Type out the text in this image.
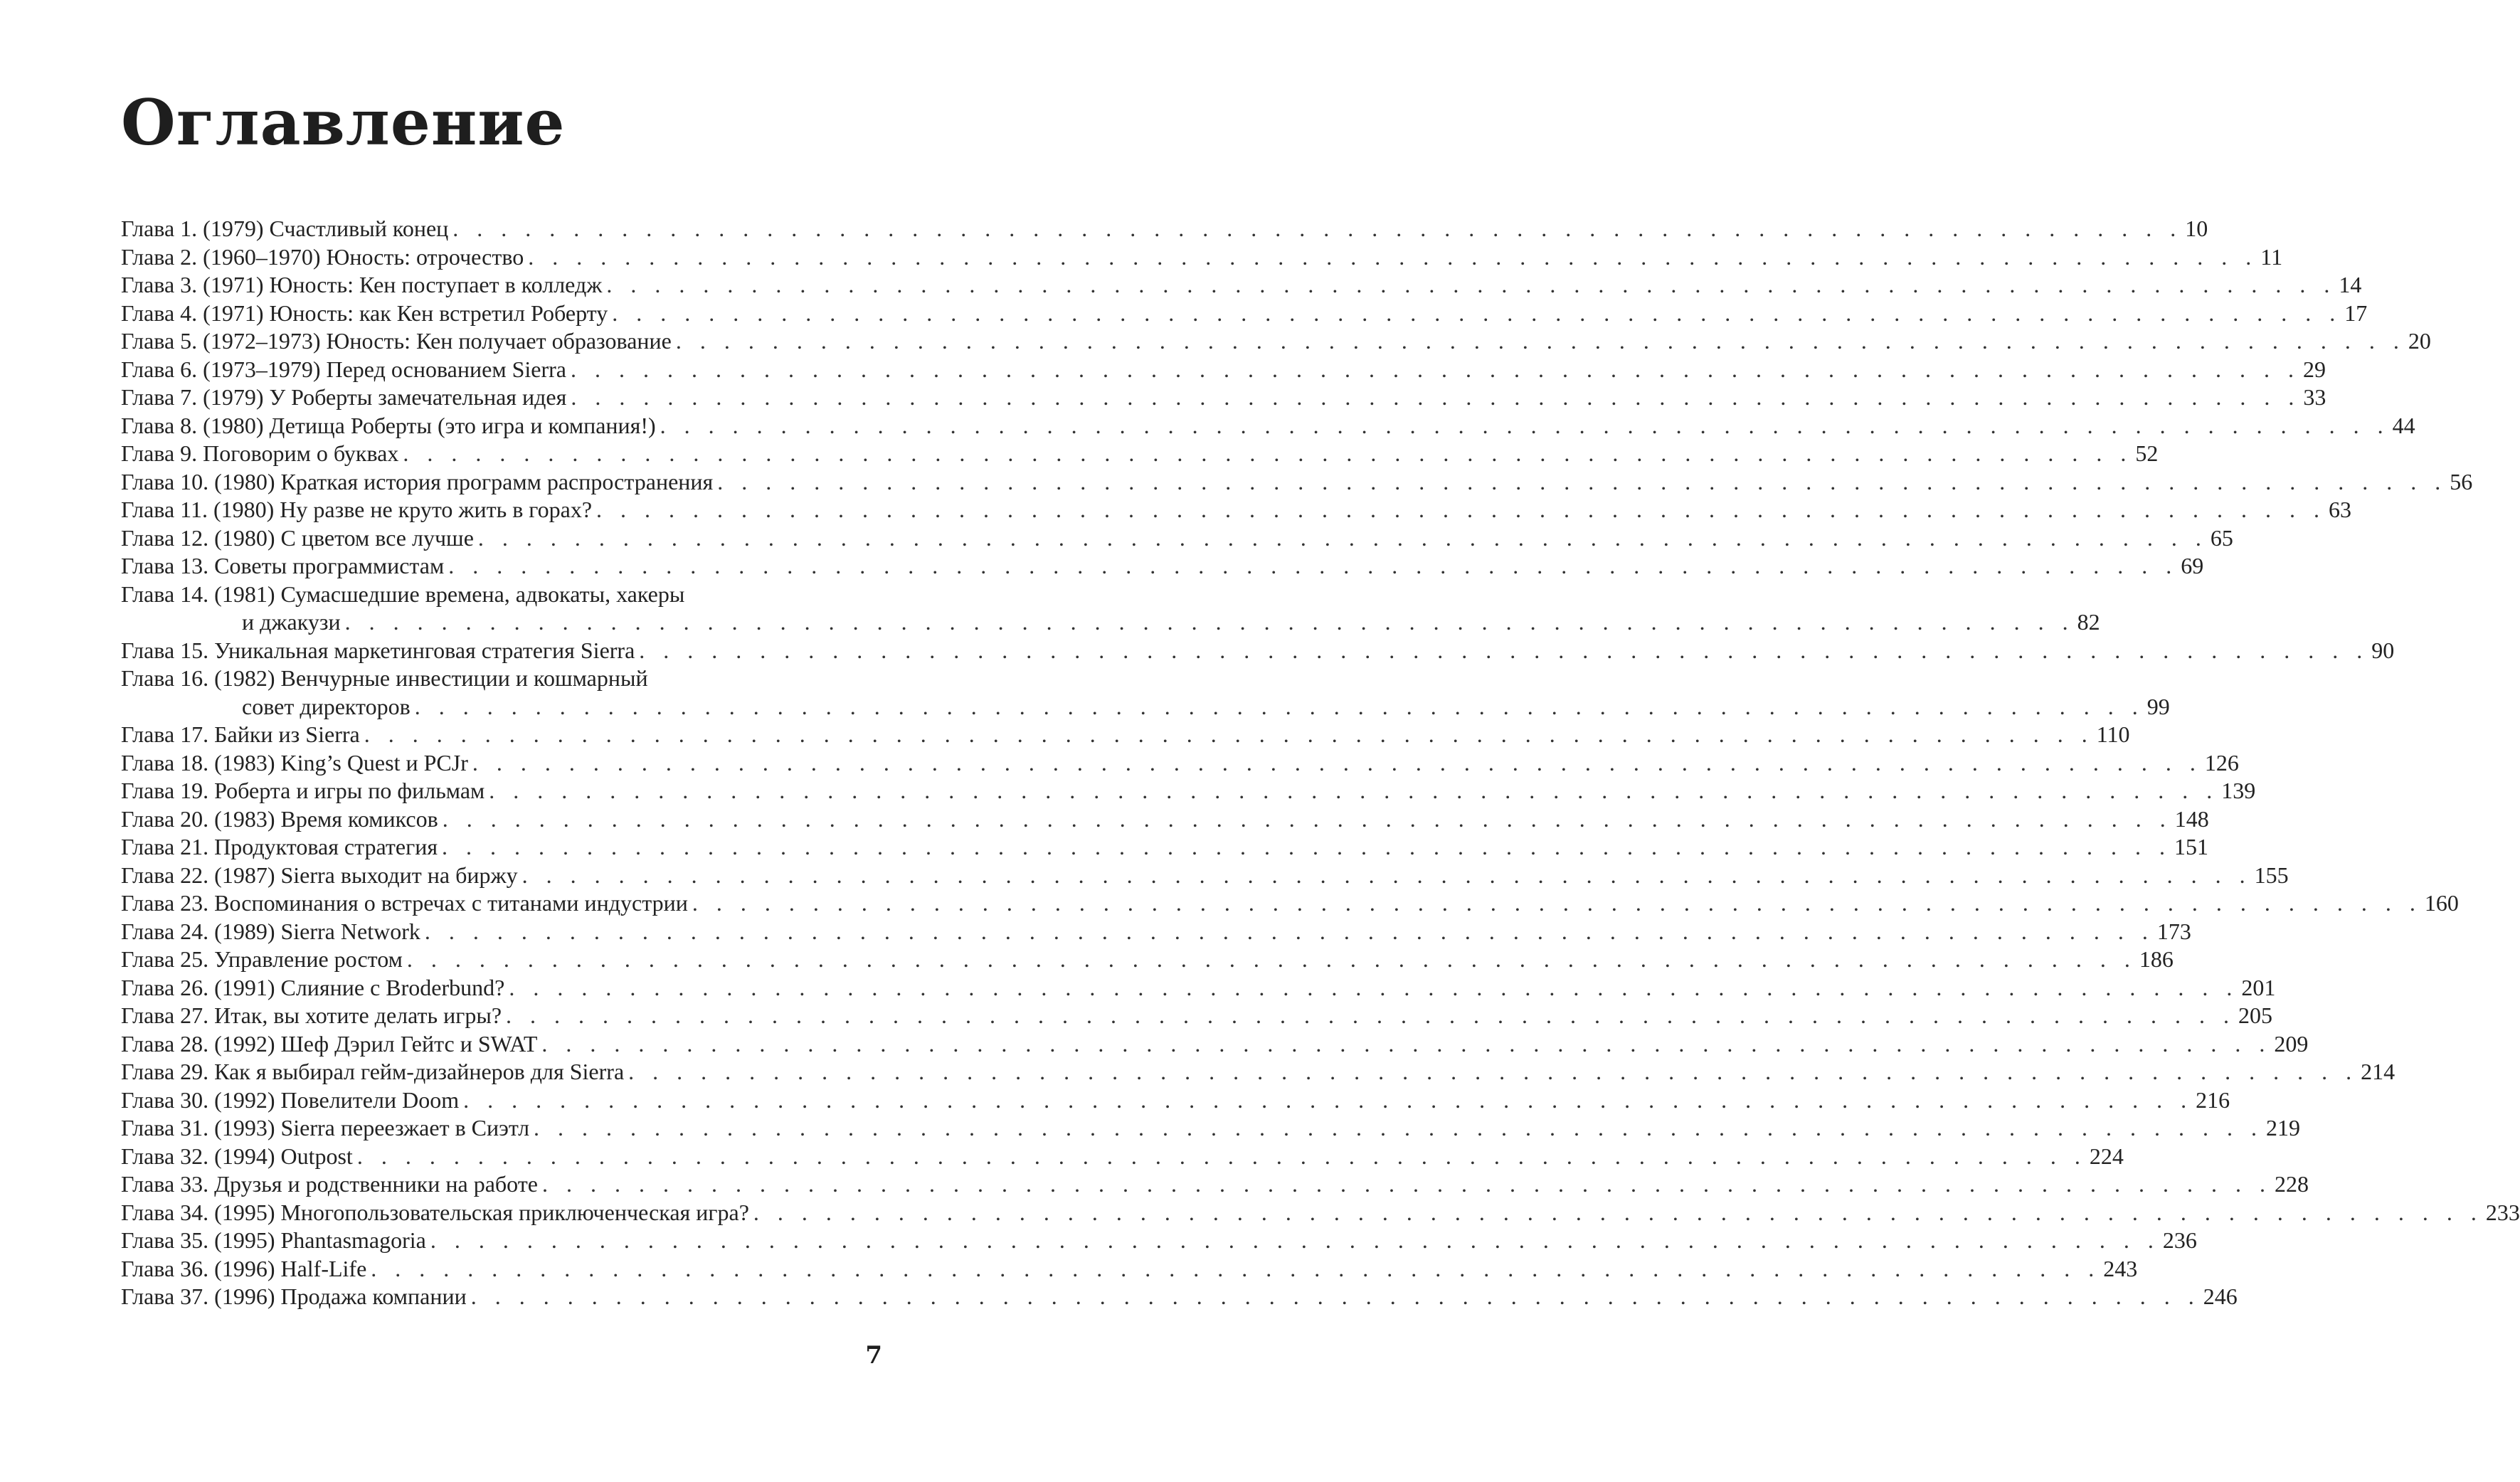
Оглавление
Глава 1. (1979) Счастливый конец . . . . . . . . . . . . . . . . . . . . . . . . . . . . . . . . . . . . . . . . . . . . . . . . . . . . . . . . . . . . . . . . . . . . . . . . 10
Глава 2. (1960–1970) Юность: отрочество . . . . . . . . . . . . . . . . . . . . . . . . . . . . . . . . . . . . . . . . . . . . . . . . . . . . . . . . . . . . . . . . . . . . . . . . 11
Глава 3. (1971) Юность: Кен поступает в колледж . . . . . . . . . . . . . . . . . . . . . . . . . . . . . . . . . . . . . . . . . . . . . . . . . . . . . . . . . . . . . . . . . . . . . . . . 14
Глава 4. (1971) Юность: как Кен встретил Роберту . . . . . . . . . . . . . . . . . . . . . . . . . . . . . . . . . . . . . . . . . . . . . . . . . . . . . . . . . . . . . . . . . . . . . . . . 17
Глава 5. (1972–1973) Юность: Кен получает образование . . . . . . . . . . . . . . . . . . . . . . . . . . . . . . . . . . . . . . . . . . . . . . . . . . . . . . . . . . . . . . . . . . . . . . . . 20
Глава 6. (1973–1979) Перед основанием Sierra . . . . . . . . . . . . . . . . . . . . . . . . . . . . . . . . . . . . . . . . . . . . . . . . . . . . . . . . . . . . . . . . . . . . . . . . 29
Глава 7. (1979) У Роберты замечательная идея . . . . . . . . . . . . . . . . . . . . . . . . . . . . . . . . . . . . . . . . . . . . . . . . . . . . . . . . . . . . . . . . . . . . . . . . 33
Глава 8. (1980) Детища Роберты (это игра и компания!) . . . . . . . . . . . . . . . . . . . . . . . . . . . . . . . . . . . . . . . . . . . . . . . . . . . . . . . . . . . . . . . . . . . . . . . . 44
Глава 9. Поговорим о буквах . . . . . . . . . . . . . . . . . . . . . . . . . . . . . . . . . . . . . . . . . . . . . . . . . . . . . . . . . . . . . . . . . . . . . . . . 52
Глава 10. (1980) Краткая история программ распространения . . . . . . . . . . . . . . . . . . . . . . . . . . . . . . . . . . . . . . . . . . . . . . . . . . . . . . . . . . . . . . . . . . . . . . . . 56
Глава 11. (1980) Ну разве не круто жить в горах? . . . . . . . . . . . . . . . . . . . . . . . . . . . . . . . . . . . . . . . . . . . . . . . . . . . . . . . . . . . . . . . . . . . . . . . . 63
Глава 12. (1980) С цветом все лучше . . . . . . . . . . . . . . . . . . . . . . . . . . . . . . . . . . . . . . . . . . . . . . . . . . . . . . . . . . . . . . . . . . . . . . . . 65
Глава 13. Советы программистам . . . . . . . . . . . . . . . . . . . . . . . . . . . . . . . . . . . . . . . . . . . . . . . . . . . . . . . . . . . . . . . . . . . . . . . . 69
Глава 14. (1981) Сумасшедшие времена, адвокаты, хакеры
и джакузи . . . . . . . . . . . . . . . . . . . . . . . . . . . . . . . . . . . . . . . . . . . . . . . . . . . . . . . . . . . . . . . . . . . . . . . . 82
Глава 15. Уникальная маркетинговая стратегия Sierra . . . . . . . . . . . . . . . . . . . . . . . . . . . . . . . . . . . . . . . . . . . . . . . . . . . . . . . . . . . . . . . . . . . . . . . . 90
Глава 16. (1982) Венчурные инвестиции и кошмарный
совет директоров . . . . . . . . . . . . . . . . . . . . . . . . . . . . . . . . . . . . . . . . . . . . . . . . . . . . . . . . . . . . . . . . . . . . . . . . 99
Глава 17. Байки из Sierra . . . . . . . . . . . . . . . . . . . . . . . . . . . . . . . . . . . . . . . . . . . . . . . . . . . . . . . . . . . . . . . . . . . . . . . . 110
Глава 18. (1983) King’s Quest и PCJr . . . . . . . . . . . . . . . . . . . . . . . . . . . . . . . . . . . . . . . . . . . . . . . . . . . . . . . . . . . . . . . . . . . . . . . . 126
Глава 19. Роберта и игры по фильмам . . . . . . . . . . . . . . . . . . . . . . . . . . . . . . . . . . . . . . . . . . . . . . . . . . . . . . . . . . . . . . . . . . . . . . . . 139
Глава 20. (1983) Время комиксов . . . . . . . . . . . . . . . . . . . . . . . . . . . . . . . . . . . . . . . . . . . . . . . . . . . . . . . . . . . . . . . . . . . . . . . . 148
Глава 21. Продуктовая стратегия . . . . . . . . . . . . . . . . . . . . . . . . . . . . . . . . . . . . . . . . . . . . . . . . . . . . . . . . . . . . . . . . . . . . . . . . 151
Глава 22. (1987) Sierra выходит на биржу . . . . . . . . . . . . . . . . . . . . . . . . . . . . . . . . . . . . . . . . . . . . . . . . . . . . . . . . . . . . . . . . . . . . . . . . 155
Глава 23. Воспоминания о встречах с титанами индустрии . . . . . . . . . . . . . . . . . . . . . . . . . . . . . . . . . . . . . . . . . . . . . . . . . . . . . . . . . . . . . . . . . . . . . . . . 160
Глава 24. (1989) Sierra Network . . . . . . . . . . . . . . . . . . . . . . . . . . . . . . . . . . . . . . . . . . . . . . . . . . . . . . . . . . . . . . . . . . . . . . . . 173
Глава 25. Управление ростом . . . . . . . . . . . . . . . . . . . . . . . . . . . . . . . . . . . . . . . . . . . . . . . . . . . . . . . . . . . . . . . . . . . . . . . . 186
Глава 26. (1991) Слияние с Broderbund? . . . . . . . . . . . . . . . . . . . . . . . . . . . . . . . . . . . . . . . . . . . . . . . . . . . . . . . . . . . . . . . . . . . . . . . . 201
Глава 27. Итак, вы хотите делать игры? . . . . . . . . . . . . . . . . . . . . . . . . . . . . . . . . . . . . . . . . . . . . . . . . . . . . . . . . . . . . . . . . . . . . . . . . 205
Глава 28. (1992) Шеф Дэрил Гейтс и SWAT . . . . . . . . . . . . . . . . . . . . . . . . . . . . . . . . . . . . . . . . . . . . . . . . . . . . . . . . . . . . . . . . . . . . . . . . 209
Глава 29. Как я выбирал гейм-дизайнеров для Sierra . . . . . . . . . . . . . . . . . . . . . . . . . . . . . . . . . . . . . . . . . . . . . . . . . . . . . . . . . . . . . . . . . . . . . . . . 214
Глава 30. (1992) Повелители Doom . . . . . . . . . . . . . . . . . . . . . . . . . . . . . . . . . . . . . . . . . . . . . . . . . . . . . . . . . . . . . . . . . . . . . . . . 216
Глава 31. (1993) Sierra переезжает в Сиэтл . . . . . . . . . . . . . . . . . . . . . . . . . . . . . . . . . . . . . . . . . . . . . . . . . . . . . . . . . . . . . . . . . . . . . . . . 219
Глава 32. (1994) Outpost . . . . . . . . . . . . . . . . . . . . . . . . . . . . . . . . . . . . . . . . . . . . . . . . . . . . . . . . . . . . . . . . . . . . . . . . 224
Глава 33. Друзья и родственники на работе . . . . . . . . . . . . . . . . . . . . . . . . . . . . . . . . . . . . . . . . . . . . . . . . . . . . . . . . . . . . . . . . . . . . . . . . 228
Глава 34. (1995) Многопользовательская приключенческая игра? . . . . . . . . . . . . . . . . . . . . . . . . . . . . . . . . . . . . . . . . . . . . . . . . . . . . . . . . . . . . . . . . . . . . . . . . 233
Глава 35. (1995) Phantasmagoria . . . . . . . . . . . . . . . . . . . . . . . . . . . . . . . . . . . . . . . . . . . . . . . . . . . . . . . . . . . . . . . . . . . . . . . . 236
Глава 36. (1996) Half-Life . . . . . . . . . . . . . . . . . . . . . . . . . . . . . . . . . . . . . . . . . . . . . . . . . . . . . . . . . . . . . . . . . . . . . . . . 243
Глава 37. (1996) Продажа компании . . . . . . . . . . . . . . . . . . . . . . . . . . . . . . . . . . . . . . . . . . . . . . . . . . . . . . . . . . . . . . . . . . . . . . . . 246
7
